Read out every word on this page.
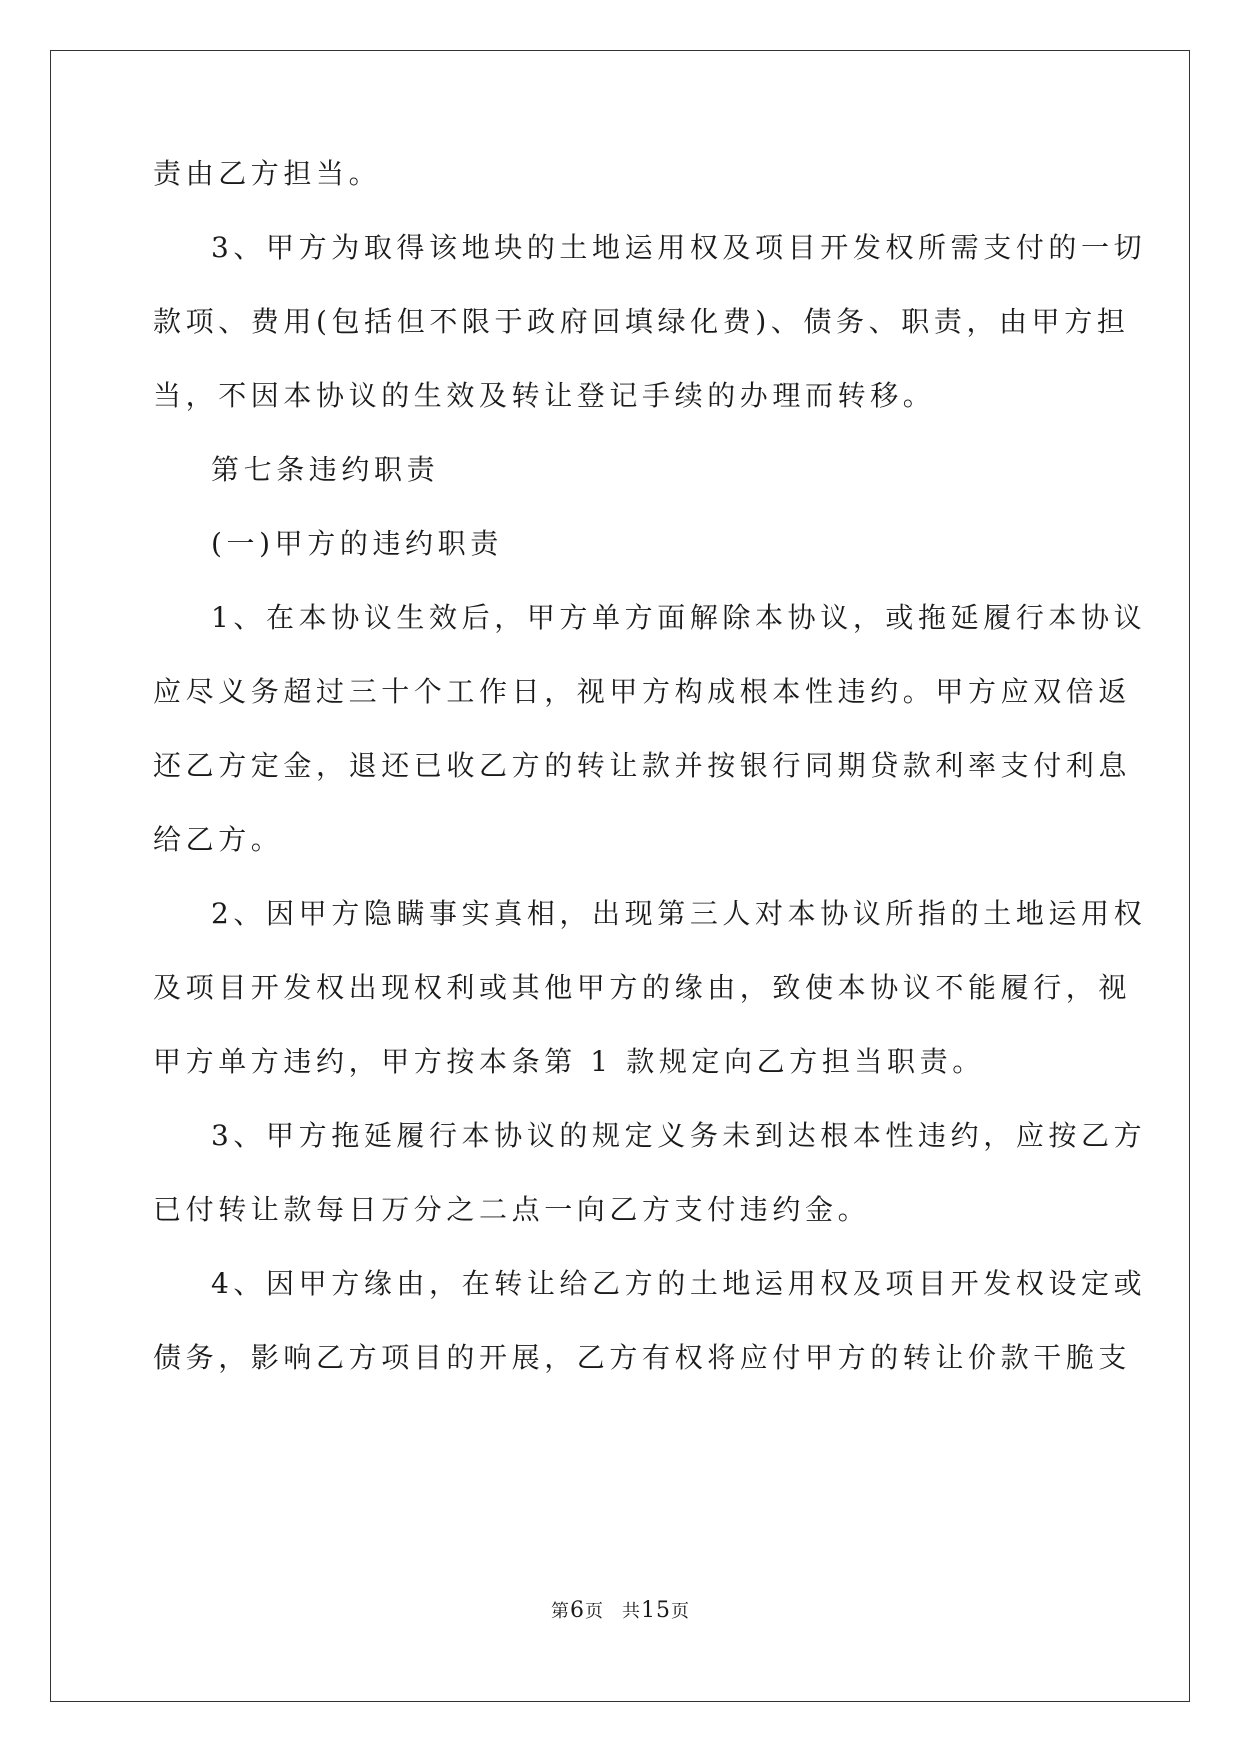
责由乙方担当。
3、甲方为取得该地块的土地运用权及项目开发权所需支付的一切
款项、费用(包括但不限于政府回填绿化费)、债务、职责，由甲方担
当，不因本协议的生效及转让登记手续的办理而转移。
第七条违约职责
(一)甲方的违约职责
1、在本协议生效后，甲方单方面解除本协议，或拖延履行本协议
应尽义务超过三十个工作日，视甲方构成根本性违约。甲方应双倍返
还乙方定金，退还已收乙方的转让款并按银行同期贷款利率支付利息
给乙方。
2、因甲方隐瞒事实真相，出现第三人对本协议所指的土地运用权
及项目开发权出现权利或其他甲方的缘由，致使本协议不能履行，视
甲方单方违约，甲方按本条第 1 款规定向乙方担当职责。
3、甲方拖延履行本协议的规定义务未到达根本性违约，应按乙方
已付转让款每日万分之二点一向乙方支付违约金。
4、因甲方缘由，在转让给乙方的土地运用权及项目开发权设定或
债务，影响乙方项目的开展，乙方有权将应付甲方的转让价款干脆支
第6页 共15页
